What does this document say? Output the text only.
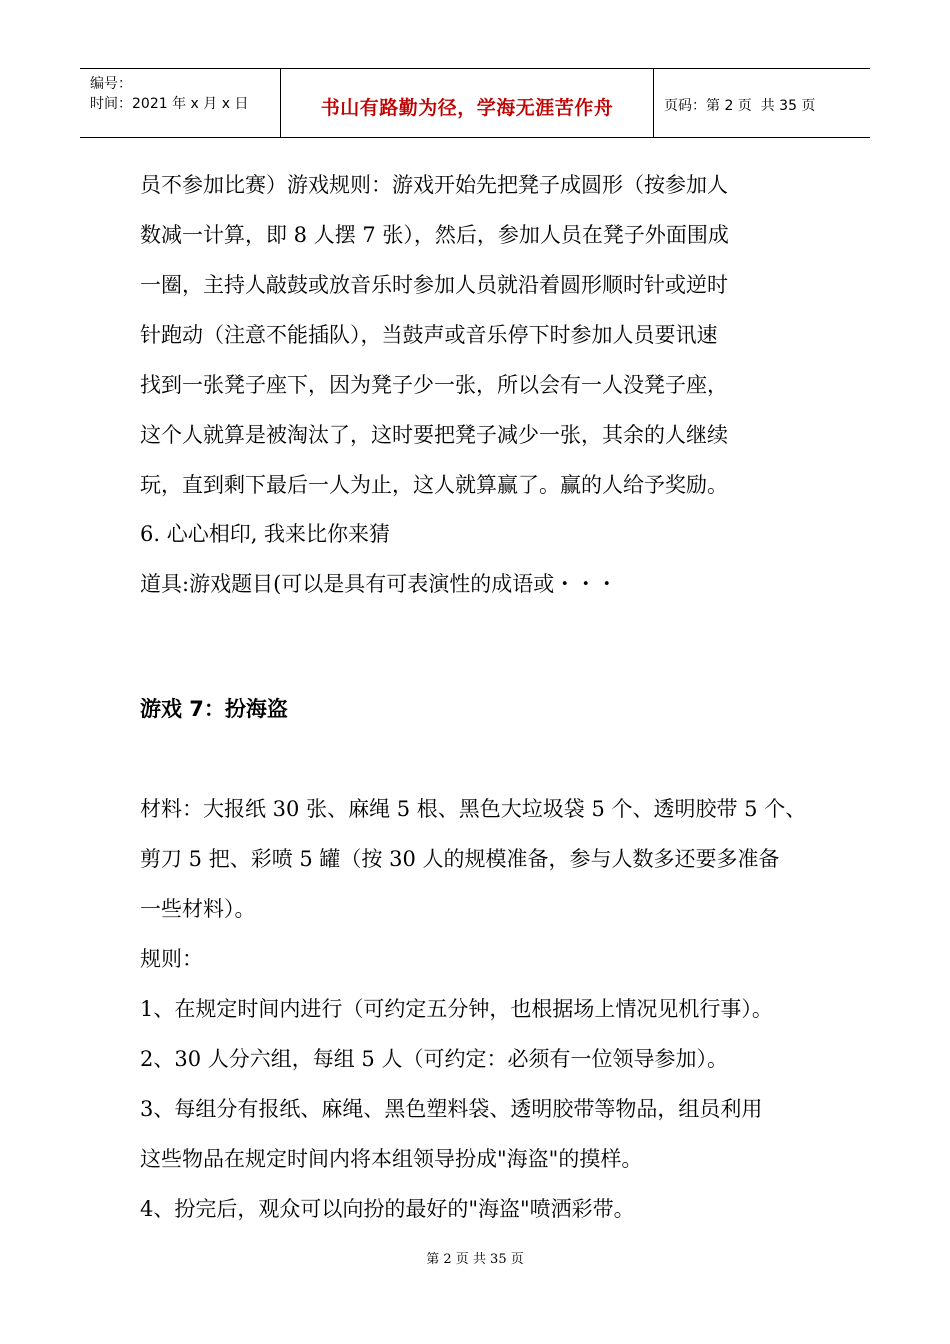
编号：
时间：2021 年 x 月 x 日	书山有路勤为径，学海无涯苦作舟	页码：第 2 页  共 35 页
员不参加比赛）游戏规则：游戏开始先把凳子成圆形（按参加人
数减一计算，即 8 人摆 7 张），然后，参加人员在凳子外面围成
一圈，主持人敲鼓或放音乐时参加人员就沿着圆形顺时针或逆时
针跑动（注意不能插队），当鼓声或音乐停下时参加人员要讯速
找到一张凳子座下，因为凳子少一张，所以会有一人没凳子座，
这个人就算是被淘汰了，这时要把凳子减少一张，其余的人继续
玩，直到剩下最后一人为止，这人就算赢了。赢的人给予奖励。
6. 心心相印, 我来比你来猜
道具:游戏题目(可以是具有可表演性的成语或・・・
游戏 7：扮海盗
材料：大报纸 30 张、麻绳 5 根、黑色大垃圾袋 5 个、透明胶带 5 个、
剪刀 5 把、彩喷 5 罐（按 30 人的规模准备，参与人数多还要多准备
一些材料）。
规则：
1、在规定时间内进行（可约定五分钟，也根据场上情况见机行事）。
2、30 人分六组，每组 5 人（可约定：必须有一位领导参加）。
3、每组分有报纸、麻绳、黑色塑料袋、透明胶带等物品，组员利用
这些物品在规定时间内将本组领导扮成"海盗"的摸样。
4、扮完后，观众可以向扮的最好的"海盗"喷洒彩带。
第 2 页 共 35 页
